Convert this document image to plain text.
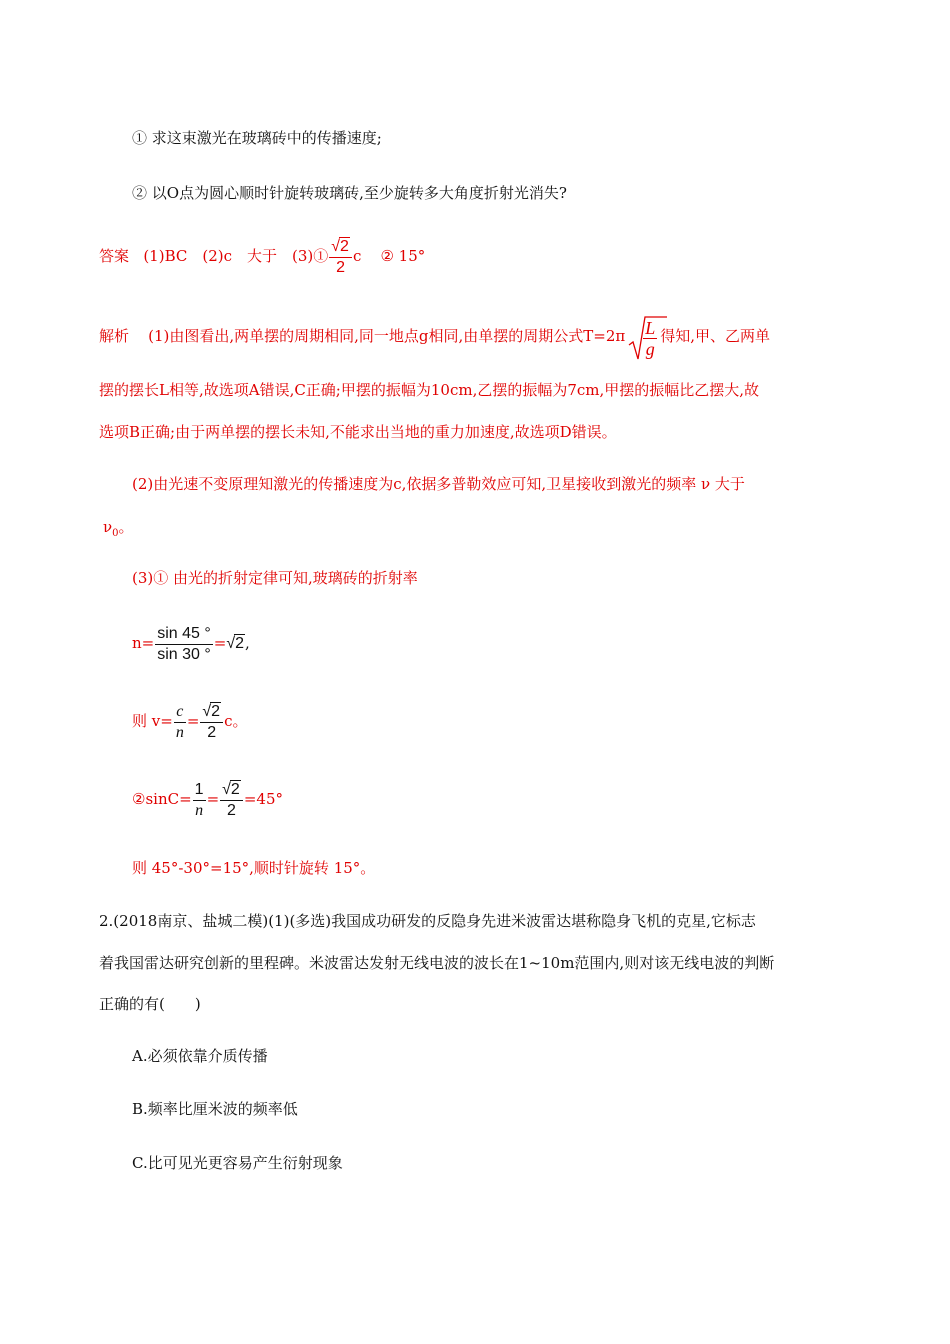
① 求这束激光在玻璃砖中的传播速度;
② 以O点为圆心顺时针旋转玻璃砖,至少旋转多大角度折射光消失?
答案 (1)BC　(2)c　大于　(3)① $\frac{√2}{2}$ c ② 15°
解析 (1)由图看出,两单摆的周期相同,同一地点g相同,由单摆的周期公式$T=2\pi \frac{L}{g}$ 得知,甲、乙两单
摆的摆长L相等,故选项A错误,C正确;甲摆的振幅为10cm,乙摆的振幅为7cm,甲摆的振幅比乙摆大,故
选项B正确;由于两单摆的摆长未知,不能求出当地的重力加速度,故选项D错误。
(2)由光速不变原理知激光的传播速度为c,依据多普勒效应可知,卫星接收到激光的频率 ν 大于
$\nu_0$。
(3)① 由光的折射定律可知,玻璃砖的折射率
$n= \frac{\sin 45 ^\circ}{\sin 30 ^\circ} =√2$,
则 $v= \frac{c}{n} = \frac{√2}{2}$ c。
②sinC= $\frac{1}{n} = \frac{√2}{2} =45^\circ$
则 45°-30°=15°,顺时针旋转 15°。
2.(2018南京、盐城二模)(1)(多选)我国成功研发的反隐身先进米波雷达堪称隐身飞机的克星,它标志
着我国雷达研究创新的里程碑。米波雷达发射无线电波的波长在1~10m范围内,则对该无线电波的判断
正确的有(　　)
A.必须依靠介质传播
B.频率比厘米波的频率低
C.比可见光更容易产生衍射现象
